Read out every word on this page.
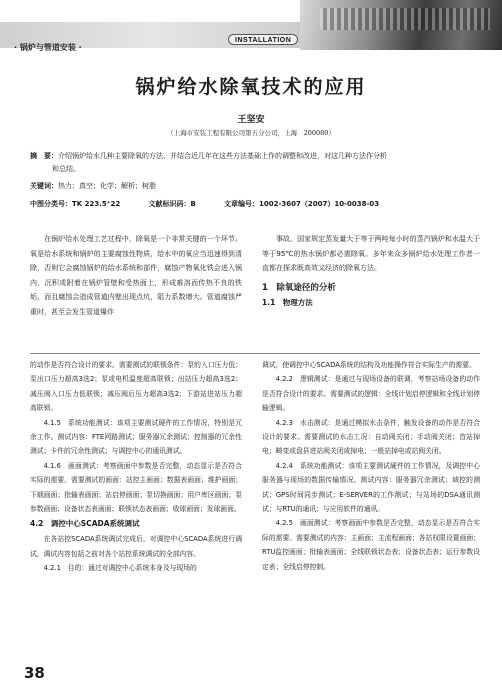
INSTALLATION
· 锅炉与管道安装 ·
锅炉给水除氧技术的应用
王坚安
（上海市安装工程有限公司第五分公司，上海　200080）
摘　要：介绍锅炉给水几种主要除氧的方法、并结合近几年在这些方法基础上作的调整和改进，对这几种方法作分析
和总结。
关键词：热力；真空；化学；解析；树脂
中图分类号：TK 223.5⁺22	文献标识码：B	文章编号：1002-3607（2007）10-0038-03

在锅炉给水处理工艺过程中，除氧是一个非常关键的一个环节。氧是给水系统和锅炉的主要腐蚀性物质，给水中的氧应当迅速得到清除，否则它会腐蚀锅炉的给水系统和部件，腐蚀产物氧化铁会进入锅内，沉积或附着在锅炉管壁和受热面上，形成难溶而传热不良的铁垢，而且腐蚀会造成管道内壁出现点坑，阻力系数增大。管道腐蚀严重时，甚至会发生管道爆炸

事故。国家规定蒸发量大于等于两吨每小时的蒸汽锅炉和水温大于等于95℃的热水锅炉都必需除氧。多年来众多锅炉给水处理工作者一直都在探求既高效又经济的除氧方法。

1　除氧途径的分析
1.1　物理方法

的动作是否符合设计的要求。需要测试的联锁条件：泵的入口压力低；泵出口压力超高3选2；泵或电机温度超高联锁；出站压力超高3选2；减压阀入口压力低联锁；减压阀后压力超高3选2；下游站进站压力超高联锁。

4.1.5　系统功能测试：该项主要测试硬件的工作情况，特别是冗余工作。测试内容：FTE网路测试；服务器冗余测试；控制器的冗余性测试；卡件的冗余性测试；与调控中心的通讯测试。

4.1.6　画面测试：考察画面中参数是否完整，动态显示是否符合实际的需要。需要测试的画面：站控主画面；数据表画面；维护画面；下载画面；批输表画面；站启停画面；泵切换画面；用户库区画面；泵参数画面；设备状态表画面；联锁状态表画面；收球画面；发球画面。

4.2　调控中心SCADA系统调试

在各站控SCADA系统调试完成后，对调控中心SCADA系统进行调试，调试内容包括之前对各个站控系统调试的全部内容。

4.2.1　目的：通过对调控中心系统本身及与现场的

调试，使调控中心SCADA系统的结构及功能操作符合实际生产的需要。

4.2.2　逻辑测试：是通过与现场设备的联调，考察站场设备的动作是否符合设计的要求。需要测试的逻辑：全线计划启停逻辑和全线计划停输逻辑。

4.2.3　水击测试：是通过模拟水击条件，触发设备的动作是否符合设计的要求。需要测试的水击工况：自动阀关闭；手动阀关闭；首站掉电；畸变或盘县进站阀关闭或掉电；一般站掉电或站阀关闭。

4.2.4　系统功能测试：该项主要测试硬件的工作情况，及调控中心服务器与现场的数据传输情况。测试内容：服务器冗余测试；域控的测试；GPS时间同步测试；E-SERVER的工作测试；与站场的DSA通讯测试；与RTU的通讯；与应用软件的通讯。

4.2.5　画面测试：考察画面中参数是否完整，动态显示是否符合实际的需要。需要测试的内容：主画面；主流程画面；各站权限设置画面；RTU监控画面；批输表画面；全线联锁状态表；设备状态表；运行参数设定表；全线启停控制。

38
